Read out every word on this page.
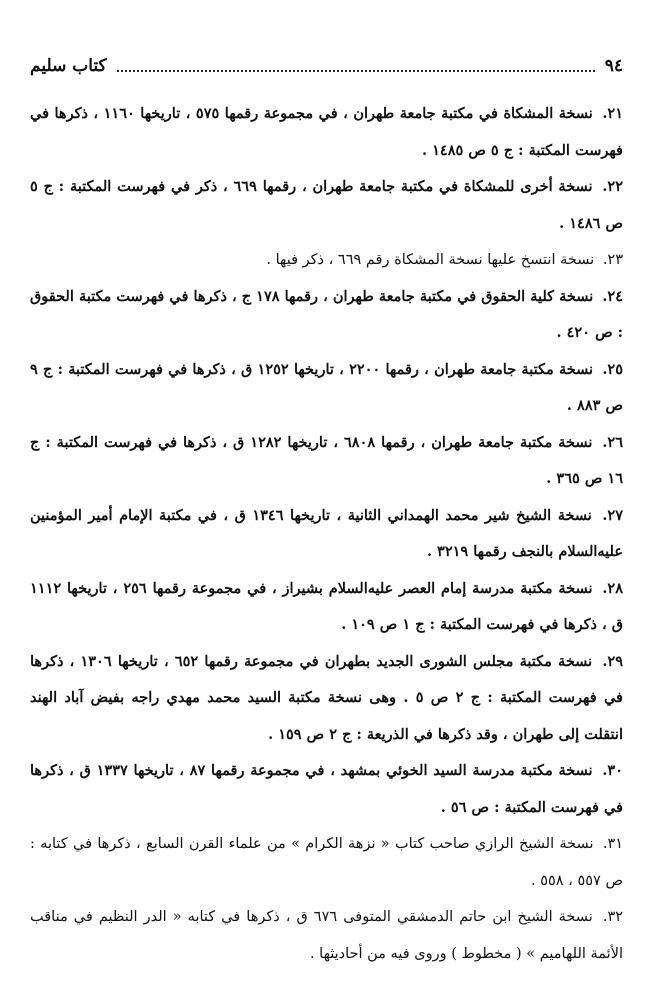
٩٤
كتاب سليم
٢١. نسخة المشكاة في مكتبة جامعة طهران ، في مجموعة رقمها ٥٧٥ ، تاريخها ١١٦٠ ، ذكرها في فهرست المكتبة : ج ٥ ص ١٤٨٥ .
٢٢. نسخة أخرى للمشكاة في مكتبة جامعة طهران ، رقمها ٦٦٩ ، ذكر في فهرست المكتبة : ج ٥ ص ١٤٨٦ .
٢٣. نسخة انتسخ عليها نسخة المشكاة رقم ٦٦٩ ، ذكر فيها .
٢٤. نسخة كلية الحقوق في مكتبة جامعة طهران ، رقمها ١٧٨ ج ، ذكرها في فهرست مكتبة الحقوق : ص ٤٢٠ .
٢٥. نسخة مكتبة جامعة طهران ، رقمها ٢٢٠٠ ، تاريخها ١٢٥٢ ق ، ذكرها في فهرست المكتبة : ج ٩ ص ٨٨٣ .
٢٦. نسخة مكتبة جامعة طهران ، رقمها ٦٨٠٨ ، تاريخها ١٢٨٢ ق ، ذكرها في فهرست المكتبة : ج ١٦ ص ٣٦٥ .
٢٧. نسخة الشيخ شير محمد الهمداني الثانية ، تاريخها ١٣٤٦ ق ، في مكتبة الإمام أمير المؤمنين عليه‌السلام بالنجف رقمها ٣٢١٩ .
٢٨. نسخة مكتبة مدرسة إمام العصر عليه‌السلام بشيراز ، في مجموعة رقمها ٢٥٦ ، تاريخها ١١١٢ ق ، ذكرها في فهرست المكتبة : ج ١ ص ١٠٩ .
٢٩. نسخة مكتبة مجلس الشورى الجديد بطهران في مجموعة رقمها ٦٥٢ ، تاريخها ١٣٠٦ ، ذكرها في فهرست المكتبة : ج ٢ ص ٥ . وهى نسخة مكتبة السيد محمد مهدي راجه بفيض آباد الهند انتقلت إلى طهران ، وقد ذكرها في الذريعة : ج ٢ ص ١٥٩ .
٣٠. نسخة مكتبة مدرسة السيد الخوئي بمشهد ، في مجموعة رقمها ٨٧ ، تاريخها ١٣٣٧ ق ، ذكرها في فهرست المكتبة : ص ٥٦ .
٣١. نسخة الشيخ الرازي صاحب كتاب « نزهة الكرام » من علماء القرن السابع ، ذكرها في كتابه : ص ٥٥٧ ، ٥٥٨ .
٣٢. نسخة الشيخ ابن حاتم الدمشقي المتوفى ٦٧٦ ق ، ذكرها في كتابه « الدر النظيم في مناقب الأئمة اللهاميم » ( مخطوط ) وروى فيه من أحاديثها .
